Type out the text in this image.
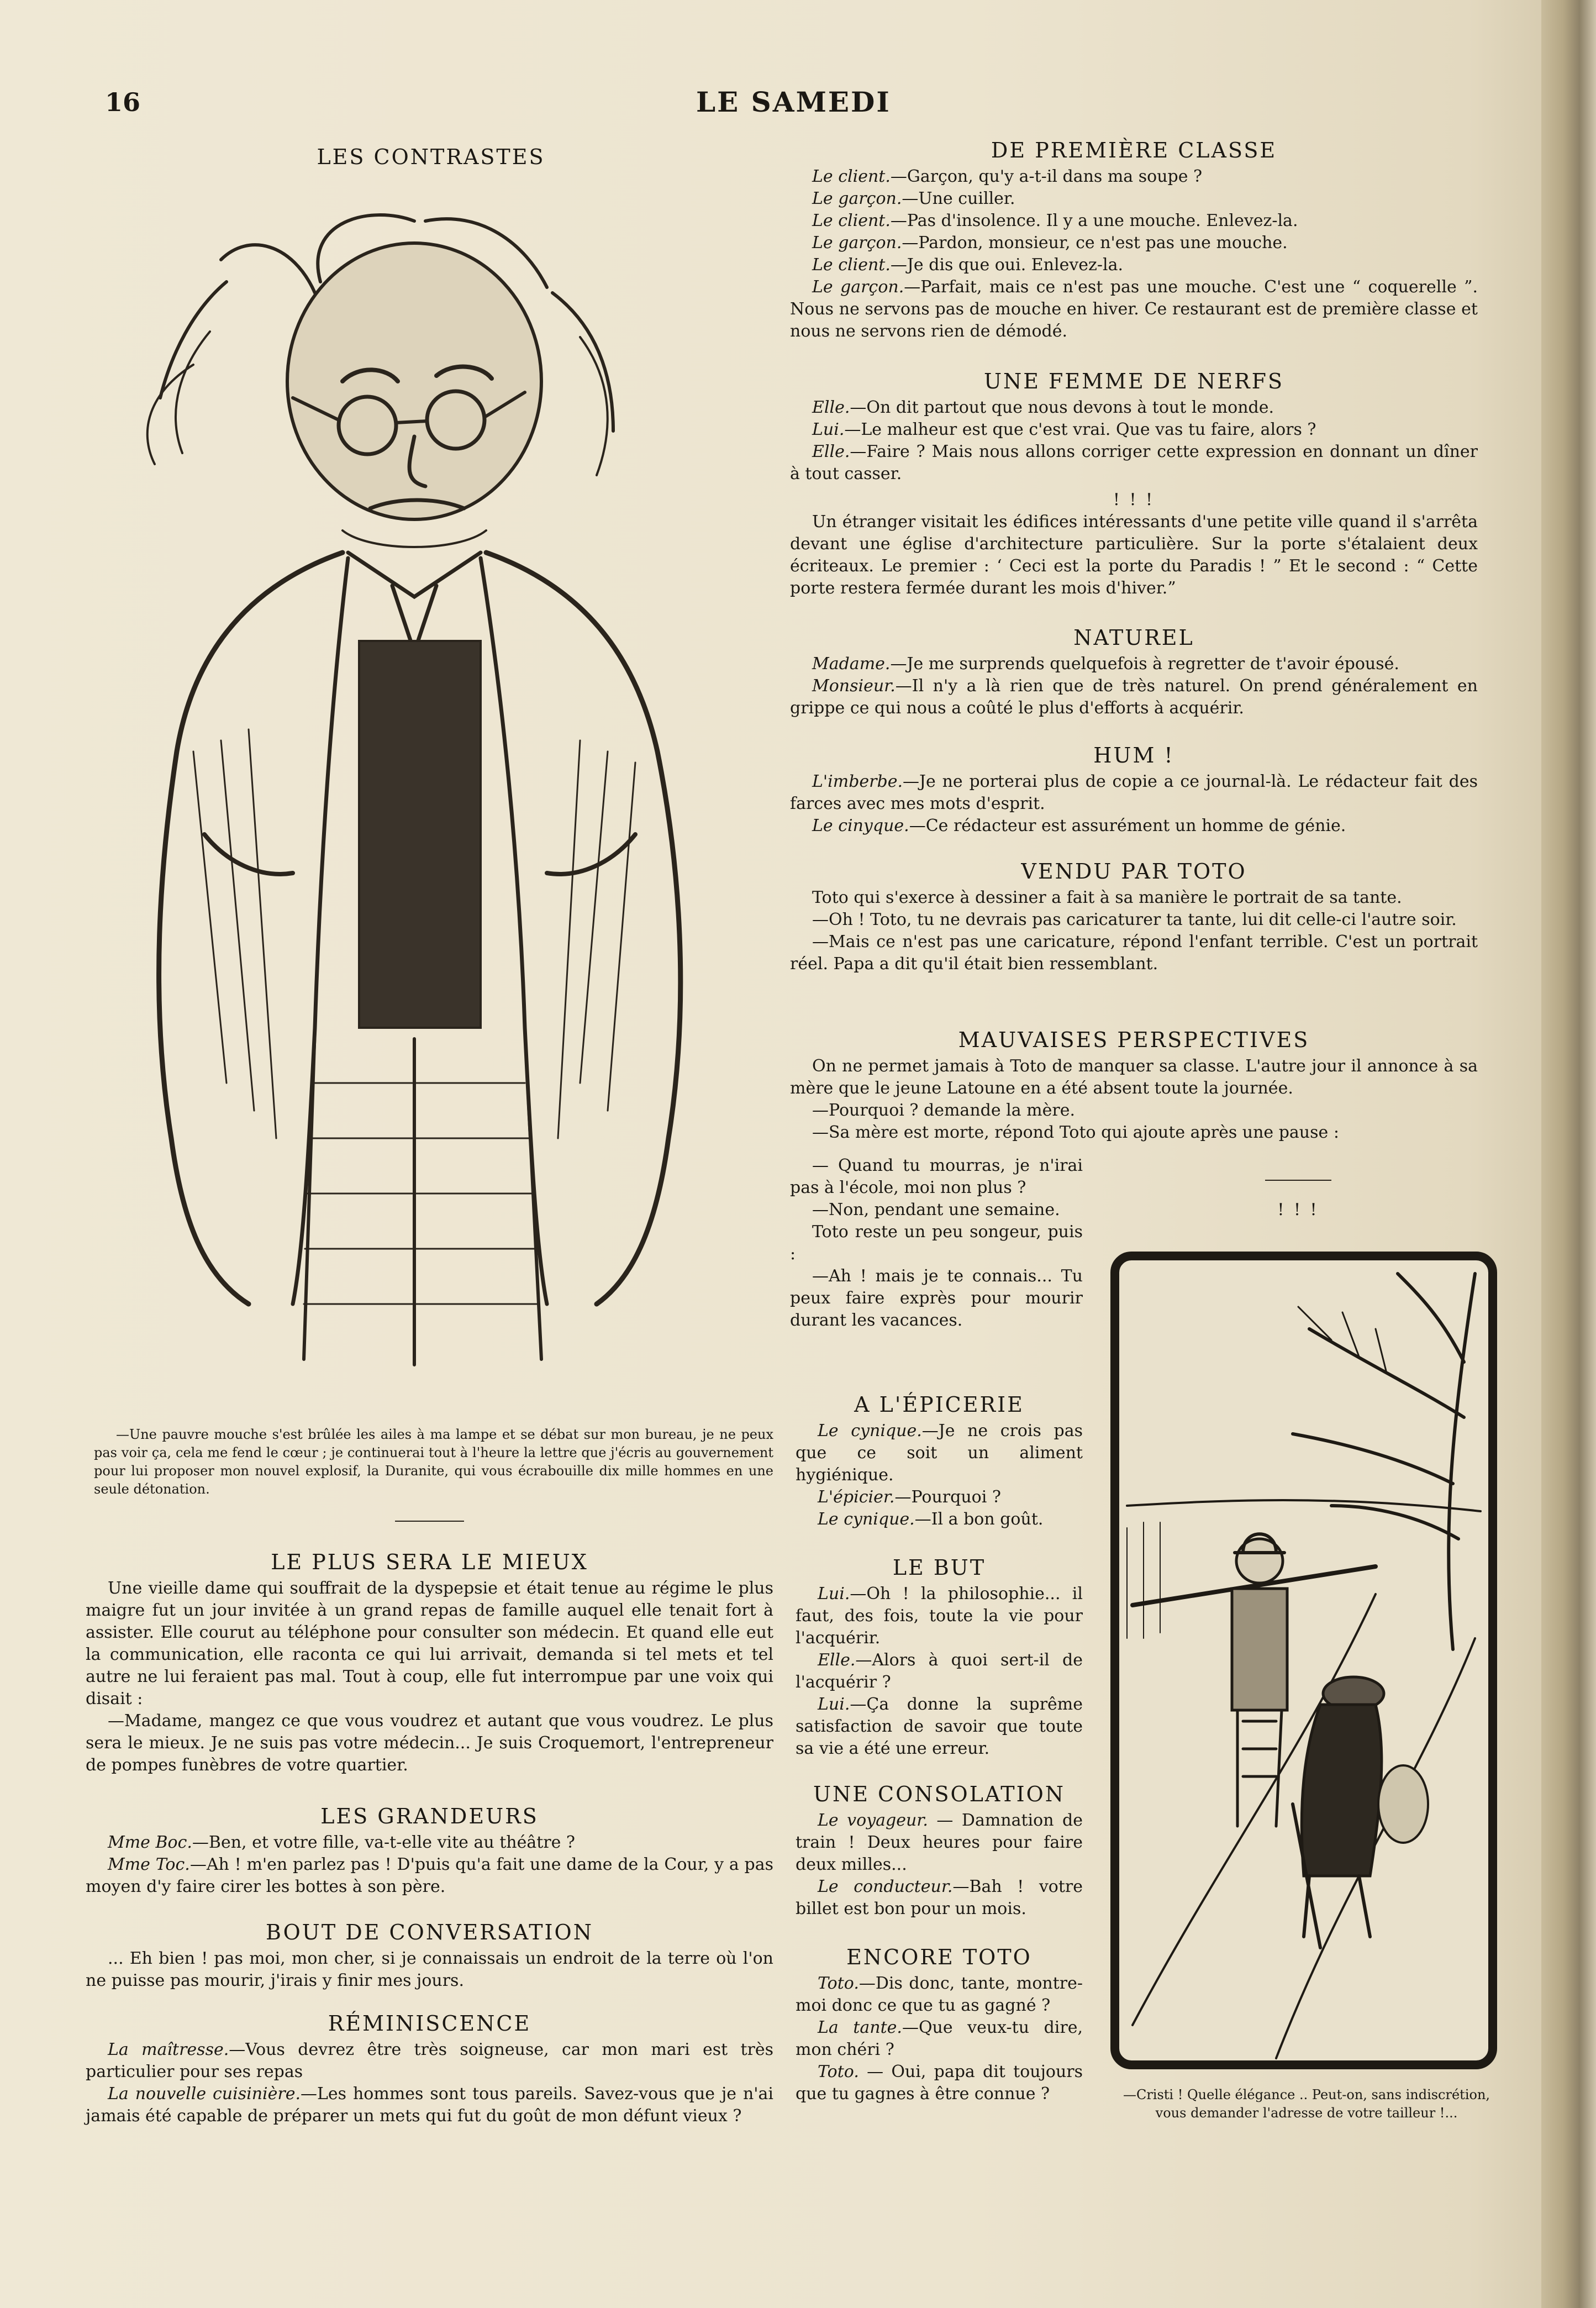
16	LE SAMEDI
LES CONTRASTES

—Une pauvre mouche s'est brûlée les ailes à ma lampe et se débat sur mon bureau, je ne peux pas voir ça, cela me fend le cœur ; je continuerai tout à l'heure la lettre que j'écris au gouvernement pour lui proposer mon nouvel explosif, la Duranite, qui vous écrabouille dix mille hommes en une seule détonation.

LE PLUS SERA LE MIEUX

Une vieille dame qui souffrait de la dyspepsie et était tenue au régime le plus maigre fut un jour invitée à un grand repas de famille auquel elle tenait fort à assister. Elle courut au téléphone pour consulter son médecin. Et quand elle eut la communication, elle raconta ce qui lui arrivait, demanda si tel mets et tel autre ne lui feraient pas mal. Tout à coup, elle fut interrompue par une voix qui disait :

—Madame, mangez ce que vous voudrez et autant que vous voudrez. Le plus sera le mieux. Je ne suis pas votre médecin... Je suis Croquemort, l'entrepreneur de pompes funèbres de votre quartier.

LES GRANDEURS

Mme Boc.—Ben, et votre fille, va-t-elle vite au théâtre ?

Mme Toc.—Ah ! m'en parlez pas ! D'puis qu'a fait une dame de la Cour, y a pas moyen d'y faire cirer les bottes à son père.

BOUT DE CONVERSATION

... Eh bien ! pas moi, mon cher, si je connaissais un endroit de la terre où l'on ne puisse pas mourir, j'irais y finir mes jours.

RÉMINISCENCE

La maîtresse.—Vous devrez être très soigneuse, car mon mari est très particulier pour ses repas

La nouvelle cuisinière.—Les hommes sont tous pareils. Savez-vous que je n'ai jamais été capable de préparer un mets qui fut du goût de mon défunt vieux ?

DE PREMIÈRE CLASSE

Le client.—Garçon, qu'y a-t-il dans ma soupe ?

Le garçon.—Une cuiller.

Le client.—Pas d'insolence. Il y a une mouche. Enlevez-la.

Le garçon.—Pardon, monsieur, ce n'est pas une mouche.

Le client.—Je dis que oui. Enlevez-la.

Le garçon.—Parfait, mais ce n'est pas une mouche. C'est une “ coquerelle ”. Nous ne servons pas de mouche en hiver. Ce restaurant est de première classe et nous ne servons rien de démodé.

UNE FEMME DE NERFS

Elle.—On dit partout que nous devons à tout le monde.

Lui.—Le malheur est que c'est vrai. Que vas tu faire, alors ?

Elle.—Faire ? Mais nous allons corriger cette expression en donnant un dîner à tout casser.

! ! !

Un étranger visitait les édifices intéressants d'une petite ville quand il s'arrêta devant une église d'architecture particulière. Sur la porte s'étalaient deux écriteaux. Le premier : ‘ Ceci est la porte du Paradis ! ” Et le second : “ Cette porte restera fermée durant les mois d'hiver.”

NATUREL

Madame.—Je me surprends quelquefois à regretter de t'avoir épousé.

Monsieur.—Il n'y a là rien que de très naturel. On prend généralement en grippe ce qui nous a coûté le plus d'efforts à acquérir.

HUM !

L'imberbe.—Je ne porterai plus de copie a ce journal-là. Le rédacteur fait des farces avec mes mots d'esprit.

Le cinyque.—Ce rédacteur est assurément un homme de génie.

VENDU PAR TOTO

Toto qui s'exerce à dessiner a fait à sa manière le portrait de sa tante.

—Oh ! Toto, tu ne devrais pas caricaturer ta tante, lui dit celle-ci l'autre soir.

—Mais ce n'est pas une caricature, répond l'enfant terrible. C'est un portrait réel. Papa a dit qu'il était bien ressemblant.

MAUVAISES PERSPECTIVES

On ne permet jamais à Toto de manquer sa classe. L'autre jour il annonce à sa mère que le jeune Latoune en a été absent toute la journée.

—Pourquoi ? demande la mère.

—Sa mère est morte, répond Toto qui ajoute après une pause :

— Quand tu mourras, je n'irai pas à l'école, moi non plus ?

—Non, pendant une semaine.

Toto reste un peu songeur, puis :

—Ah ! mais je te connais... Tu peux faire exprès pour mourir durant les vacances.

A L'ÉPICERIE

Le cynique.—Je ne crois pas que ce soit un aliment hygiénique.

L'épicier.—Pourquoi ?

Le cynique.—Il a bon goût.

LE BUT

Lui.—Oh ! la philosophie... il faut, des fois, toute la vie pour l'acquérir.

Elle.—Alors à quoi sert-il de l'acquérir ?

Lui.—Ça donne la suprême satisfaction de savoir que toute sa vie a été une erreur.

UNE CONSOLATION

Le voyageur. — Damnation de train ! Deux heures pour faire deux milles...

Le conducteur.—Bah ! votre billet est bon pour un mois.

ENCORE TOTO

Toto.—Dis donc, tante, montre-moi donc ce que tu as gagné ?

La tante.—Que veux-tu dire, mon chéri ?

Toto. — Oui, papa dit toujours que tu gagnes à être connue ?

! ! !

—Cristi ! Quelle élégance .. Peut-on, sans indiscrétion, vous demander l'adresse de votre tailleur !...
